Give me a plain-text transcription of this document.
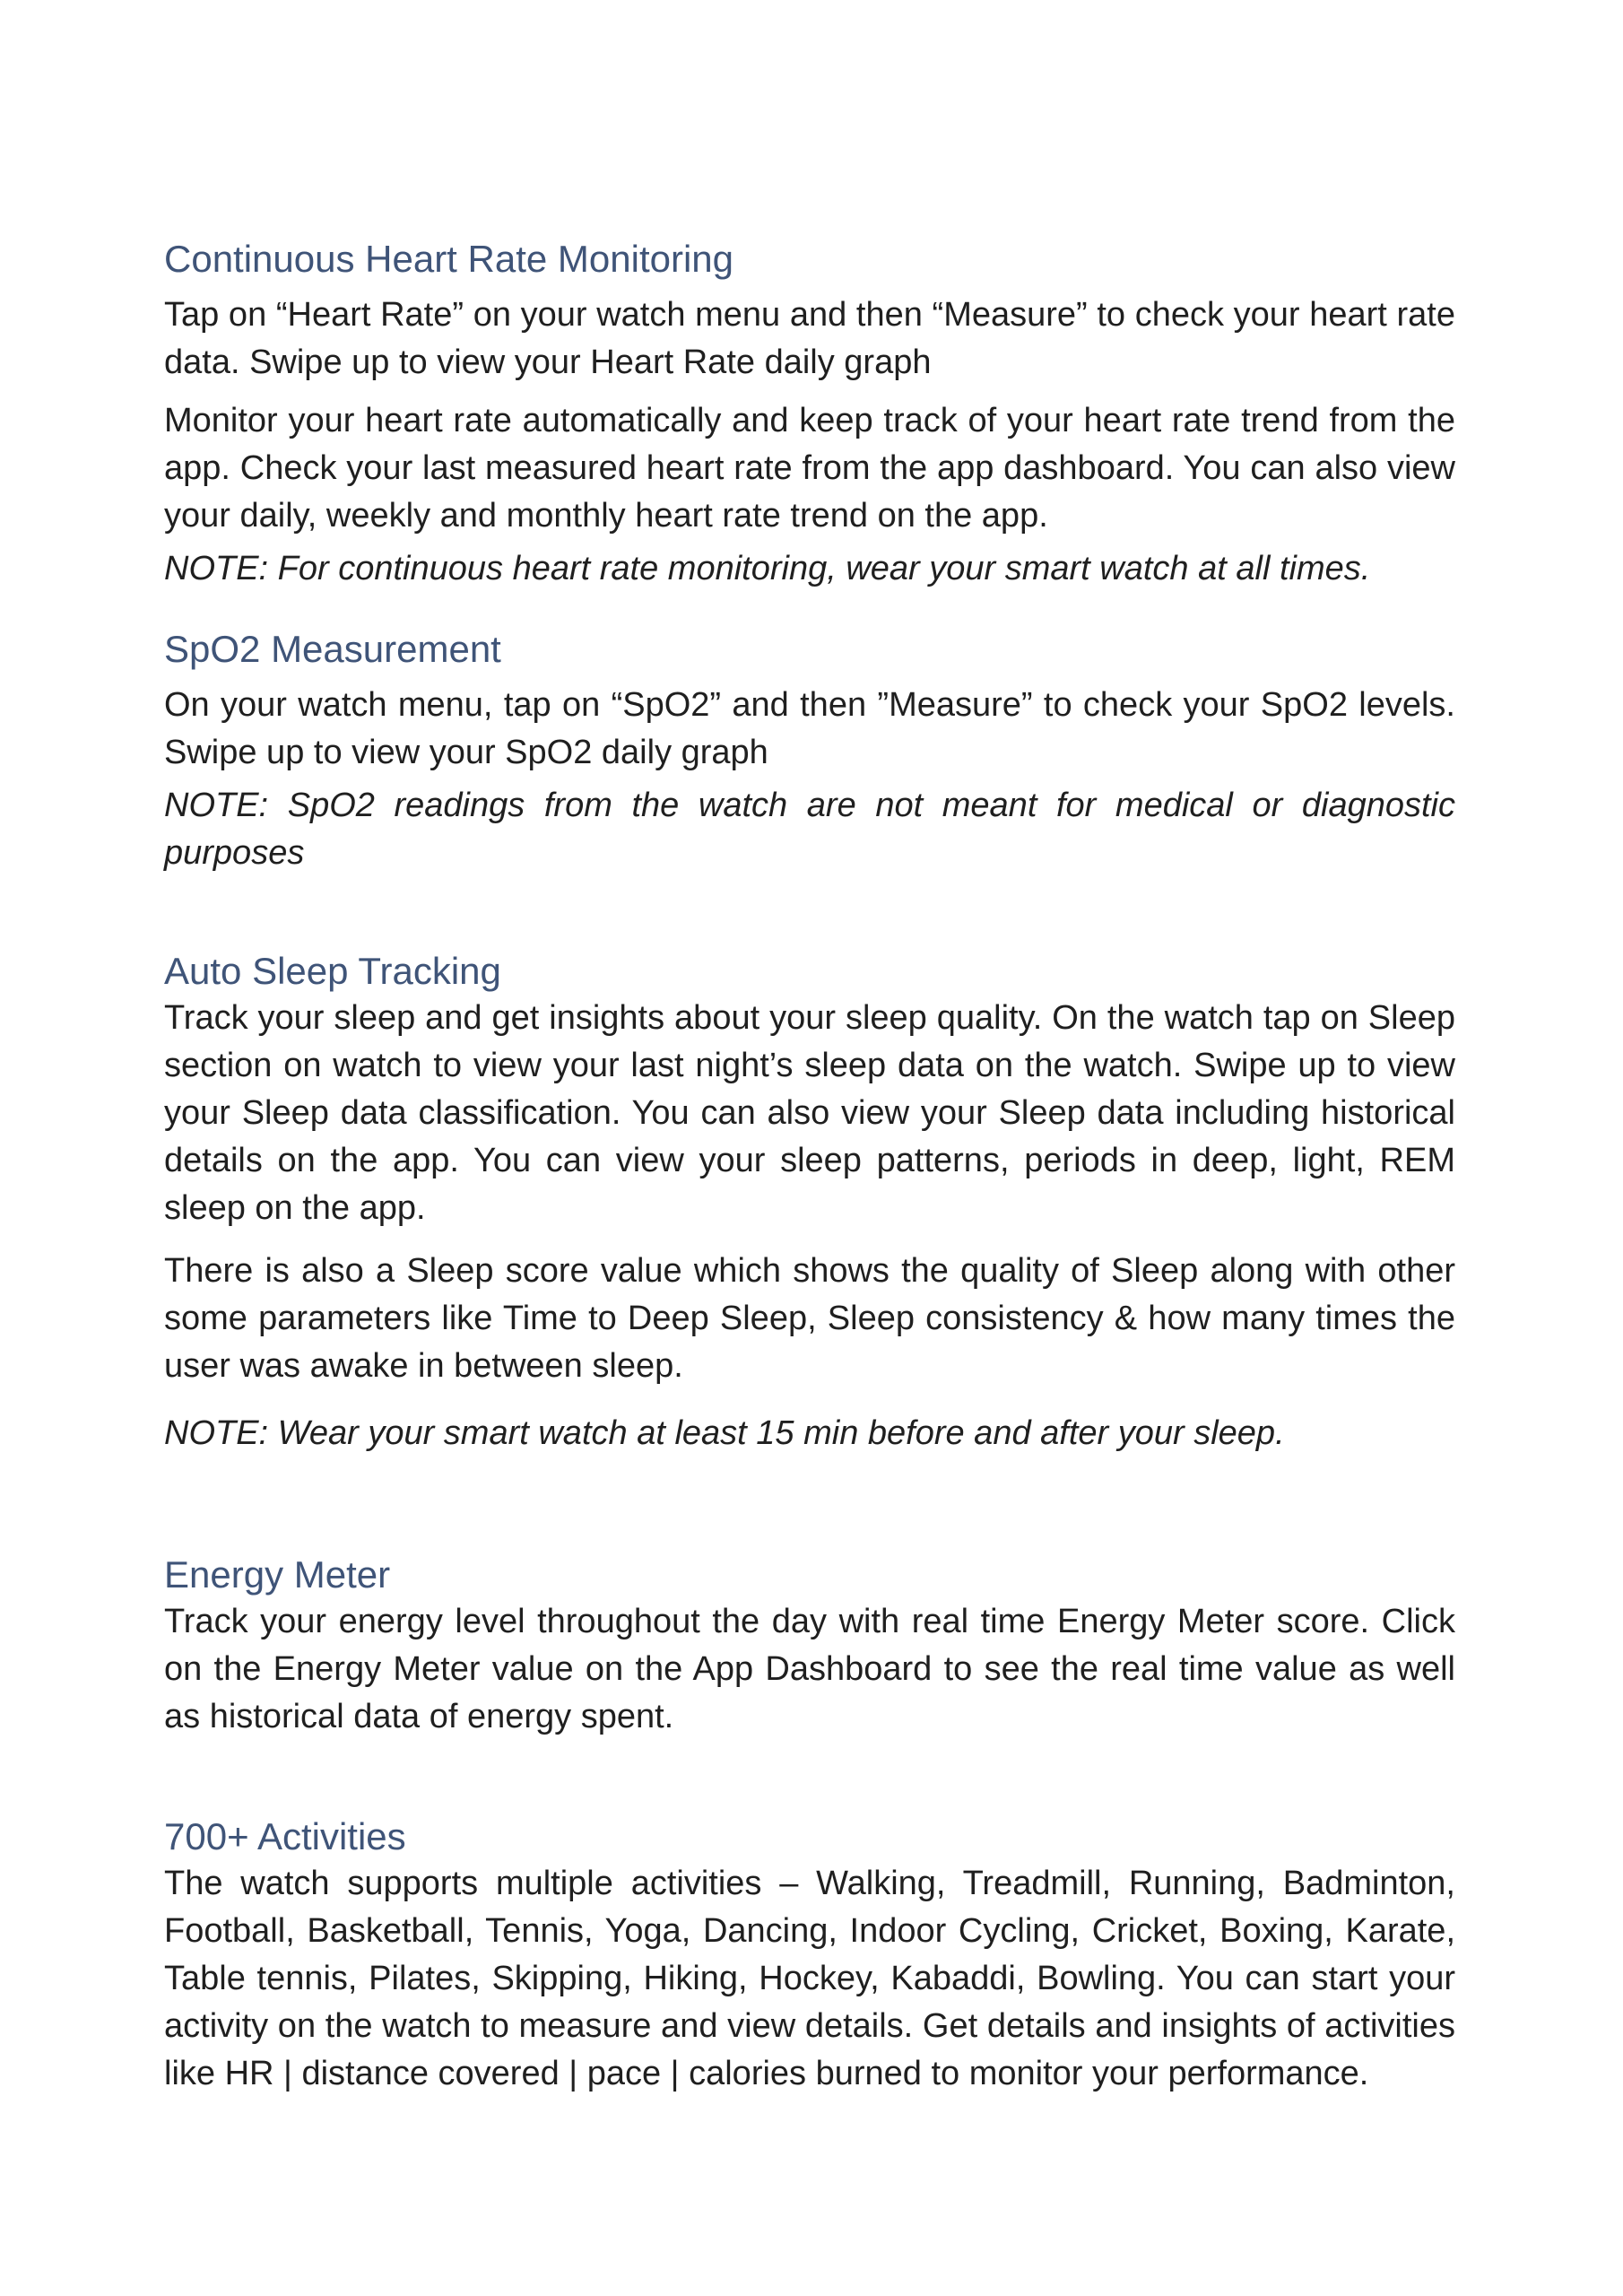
Continuous Heart Rate Monitoring

Tap on “Heart Rate” on your watch menu and then “Measure” to check your heart rate data. Swipe up to view your Heart Rate daily graph

Monitor your heart rate automatically and keep track of your heart rate trend from the app. Check your last measured heart rate from the app dashboard. You can also view your daily, weekly and monthly heart rate trend on the app.

NOTE: For continuous heart rate monitoring, wear your smart watch at all times.

SpO2 Measurement

On your watch menu, tap on “SpO2” and then ”Measure” to check your SpO2 levels. Swipe up to view your SpO2 daily graph

NOTE: SpO2 readings from the watch are not meant for medical or diagnostic purposes

Auto Sleep Tracking

Track your sleep and get insights about your sleep quality. On the watch tap on Sleep section on watch to view your last night’s sleep data on the watch. Swipe up to view your Sleep data classification. You can also view your Sleep data including historical details on the app. You can view your sleep patterns, periods in deep, light, REM sleep on the app.

There is also a Sleep score value which shows the quality of Sleep along with other some parameters like Time to Deep Sleep, Sleep consistency & how many times the user was awake in between sleep.

NOTE: Wear your smart watch at least 15 min before and after your sleep.

Energy Meter

Track your energy level throughout the day with real time Energy Meter score. Click on the Energy Meter value on the App Dashboard to see the real time value as well as historical data of energy spent.

700+ Activities

The watch supports multiple activities – Walking, Treadmill, Running, Badminton, Football, Basketball, Tennis, Yoga, Dancing, Indoor Cycling, Cricket, Boxing, Karate, Table tennis, Pilates, Skipping, Hiking, Hockey, Kabaddi, Bowling. You can start your activity on the watch to measure and view details. Get details and insights of activities like HR | distance covered | pace | calories burned to monitor your performance.
